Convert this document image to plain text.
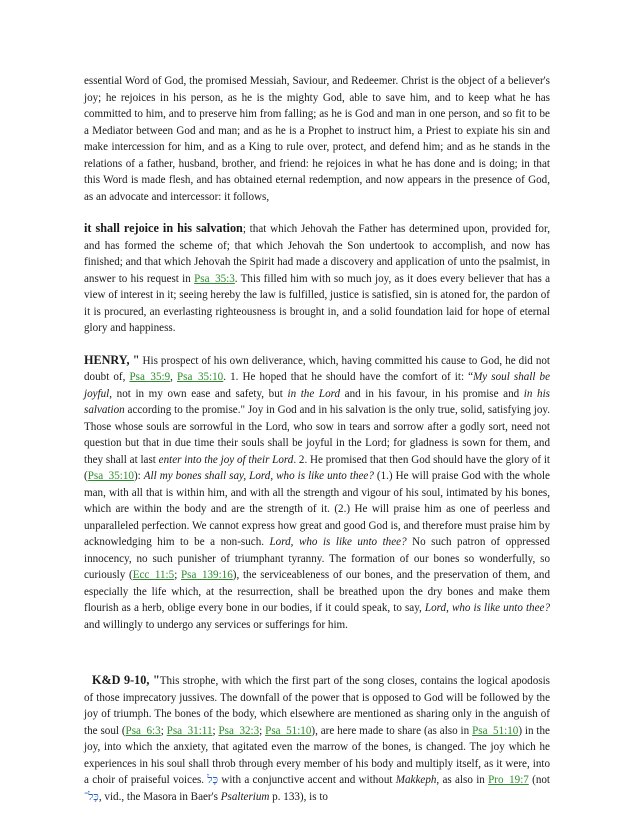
essential Word of God, the promised Messiah, Saviour, and Redeemer. Christ is the object of a believer's joy; he rejoices in his person, as he is the mighty God, able to save him, and to keep what he has committed to him, and to preserve him from falling; as he is God and man in one person, and so fit to be a Mediator between God and man; and as he is a Prophet to instruct him, a Priest to expiate his sin and make intercession for him, and as a King to rule over, protect, and defend him; and as he stands in the relations of a father, husband, brother, and friend: he rejoices in what he has done and is doing; in that this Word is made flesh, and has obtained eternal redemption, and now appears in the presence of God, as an advocate and intercessor: it follows,

it shall rejoice in his salvation; that which Jehovah the Father has determined upon, provided for, and has formed the scheme of; that which Jehovah the Son undertook to accomplish, and now has finished; and that which Jehovah the Spirit had made a discovery and application of unto the psalmist, in answer to his request in Psa_35:3. This filled him with so much joy, as it does every believer that has a view of interest in it; seeing hereby the law is fulfilled, justice is satisfied, sin is atoned for, the pardon of it is procured, an everlasting righteousness is brought in, and a solid foundation laid for hope of eternal glory and happiness.

HENRY, " His prospect of his own deliverance, which, having committed his cause to God, he did not doubt of, Psa_35:9, Psa_35:10. 1. He hoped that he should have the comfort of it: “My soul shall be joyful, not in my own ease and safety, but in the Lord and in his favour, in his promise and in his salvation according to the promise." Joy in God and in his salvation is the only true, solid, satisfying joy. Those whose souls are sorrowful in the Lord, who sow in tears and sorrow after a godly sort, need not question but that in due time their souls shall be joyful in the Lord; for gladness is sown for them, and they shall at last enter into the joy of their Lord. 2. He promised that then God should have the glory of it (Psa_35:10): All my bones shall say, Lord, who is like unto thee? (1.) He will praise God with the whole man, with all that is within him, and with all the strength and vigour of his soul, intimated by his bones, which are within the body and are the strength of it. (2.) He will praise him as one of peerless and unparalleled perfection. We cannot express how great and good God is, and therefore must praise him by acknowledging him to be a non-such. Lord, who is like unto thee? No such patron of oppressed innocency, no such punisher of triumphant tyranny. The formation of our bones so wonderfully, so curiously (Ecc_11:5; Psa_139:16), the serviceableness of our bones, and the preservation of them, and especially the life which, at the resurrection, shall be breathed upon the dry bones and make them flourish as a herb, oblige every bone in our bodies, if it could speak, to say, Lord, who is like unto thee? and willingly to undergo any services or sufferings for him.

K&D 9-10, "This strophe, with which the first part of the song closes, contains the logical apodosis of those imprecatory jussives. The downfall of the power that is opposed to God will be followed by the joy of triumph. The bones of the body, which elsewhere are mentioned as sharing only in the anguish of the soul (Psa_6:3; Psa_31:11; Psa_32:3; Psa_51:10), are here made to share (as also in Psa_51:10) in the joy, into which the anxiety, that agitated even the marrow of the bones, is changed. The joy which he experiences in his soul shall throb through every member of his body and multiply itself, as it were, into a choir of praiseful voices. כָּל with a conjunctive accent and without Makkeph, as also in Pro_19:7 (not כָּל־, vid., the Masora in Baer's Psalterium p. 133), is to
